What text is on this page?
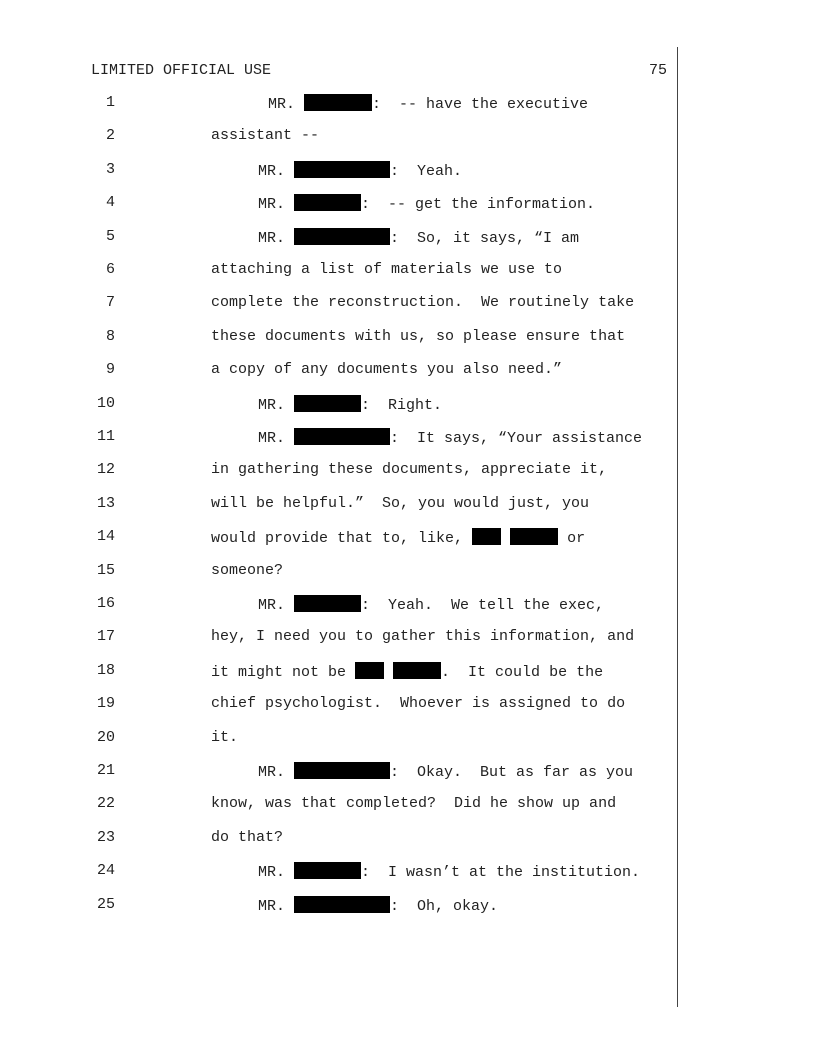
LIMITED OFFICIAL USE	75
1	MR.	:  -- have the executive
2	assistant --
3	MR.	:  Yeah.
4	MR.	:  -- get the information.
5	MR.	:  So, it says, “I am
6	attaching a list of materials we use to
7	complete the reconstruction.  We routinely take
8	these documents with us, so please ensure that
9	a copy of any documents you also need.”
10	MR.	:  Right.
11	MR.	:  It says, “Your assistance
12	in gathering these documents, appreciate it,
13	will be helpful.”  So, you would just, you
14	would provide that to, like,	or
15	someone?
16	MR.	:  Yeah.  We tell the exec,
17	hey, I need you to gather this information, and
18	it might not be	.  It could be the
19	chief psychologist.  Whoever is assigned to do
20	it.
21	MR.	:  Okay.  But as far as you
22	know, was that completed?  Did he show up and
23	do that?
24	MR.	:  I wasn’t at the institution.
25	MR.	:  Oh, okay.
